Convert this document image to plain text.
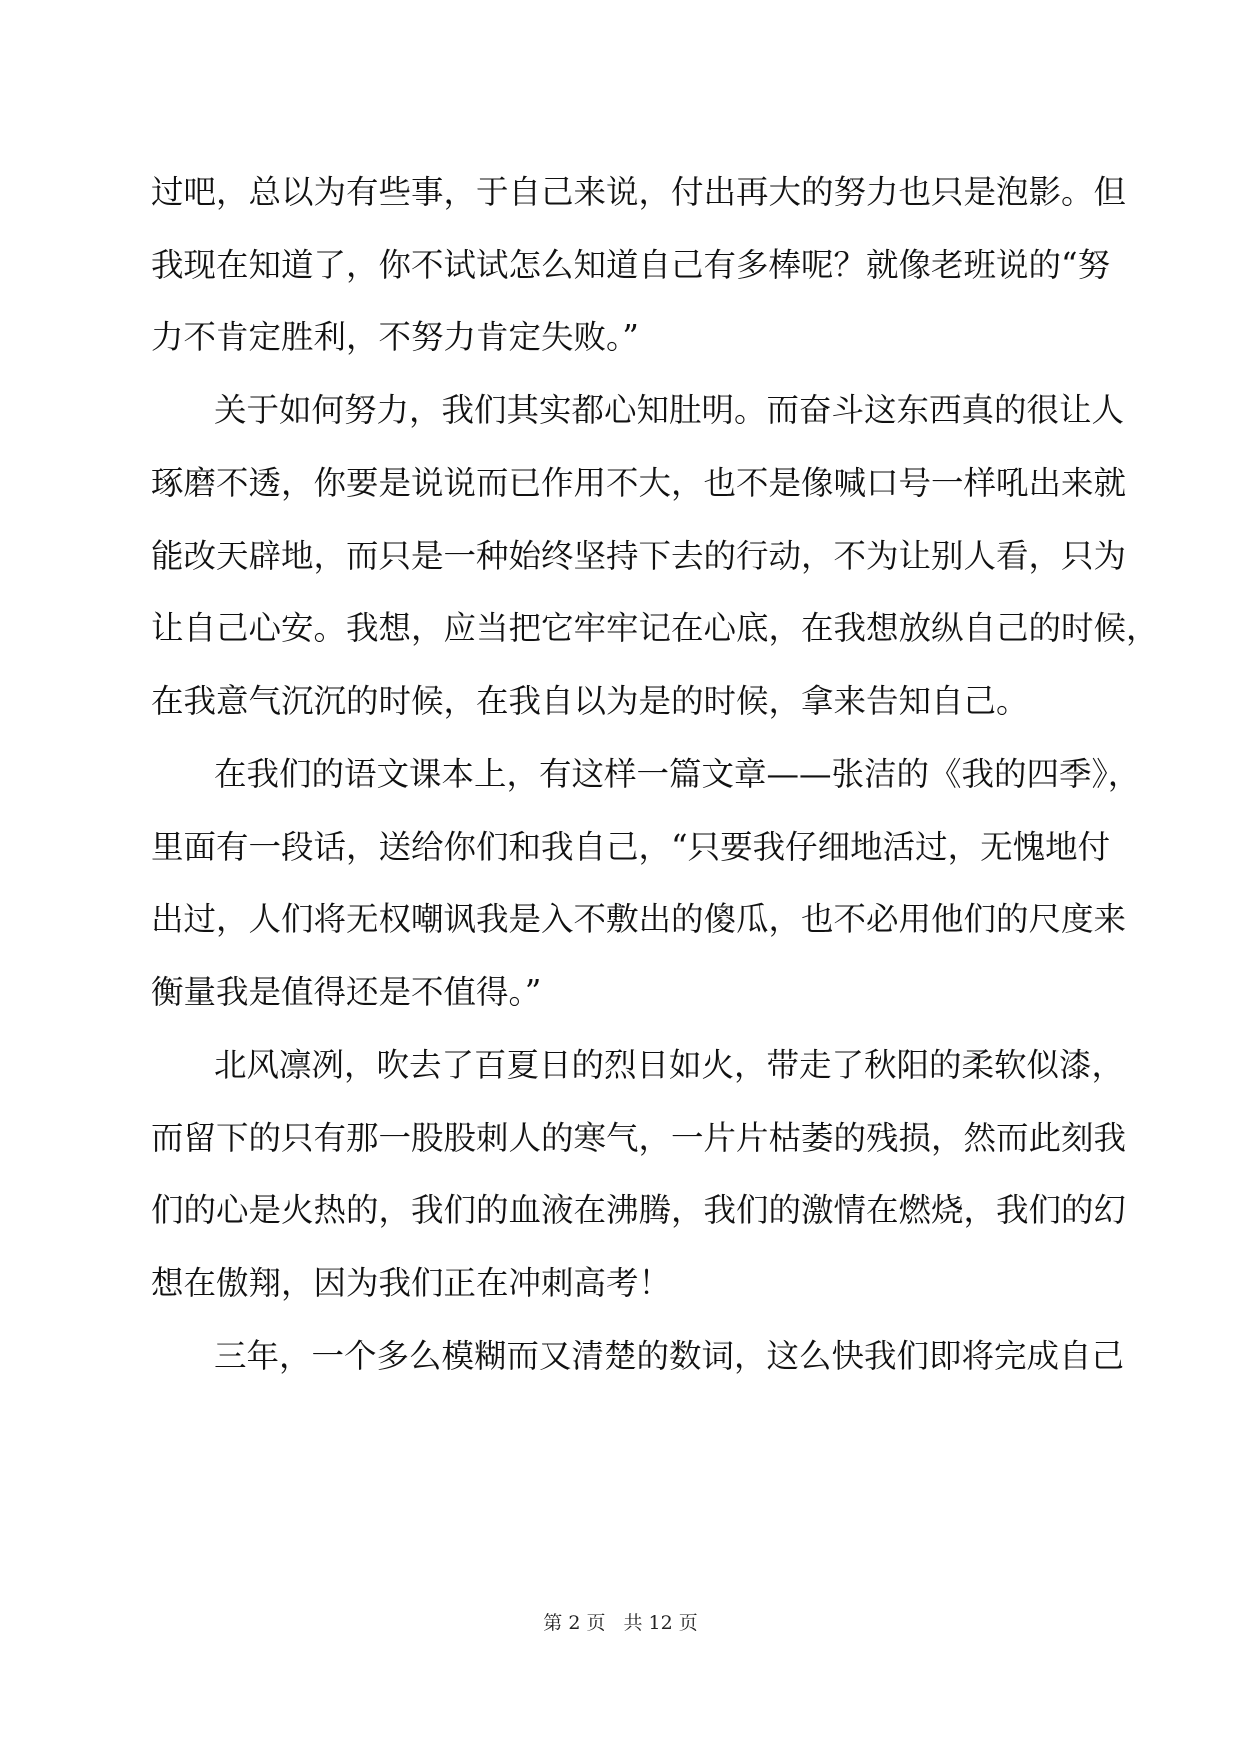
过吧，总以为有些事，于自己来说，付出再大的努力也只是泡影。但
我现在知道了，你不试试怎么知道自己有多棒呢？就像老班说的“努
力不肯定胜利，不努力肯定失败。”
关于如何努力，我们其实都心知肚明。而奋斗这东西真的很让人
琢磨不透，你要是说说而已作用不大，也不是像喊口号一样吼出来就
能改天辟地，而只是一种始终坚持下去的行动，不为让别人看，只为
让自己心安。我想，应当把它牢牢记在心底，在我想放纵自己的时候，
在我意气沉沉的时候，在我自以为是的时候，拿来告知自己。
在我们的语文课本上，有这样一篇文章——张洁的《我的四季》，
里面有一段话，送给你们和我自己，“只要我仔细地活过，无愧地付
出过，人们将无权嘲讽我是入不敷出的傻瓜，也不必用他们的尺度来
衡量我是值得还是不值得。”
北风凛冽，吹去了百夏日的烈日如火，带走了秋阳的柔软似漆，
而留下的只有那一股股刺人的寒气，一片片枯萎的残损，然而此刻我
们的心是火热的，我们的血液在沸腾，我们的激情在燃烧，我们的幻
想在傲翔，因为我们正在冲刺高考！
三年，一个多么模糊而又清楚的数词，这么快我们即将完成自己
第 2 页 共 12 页
